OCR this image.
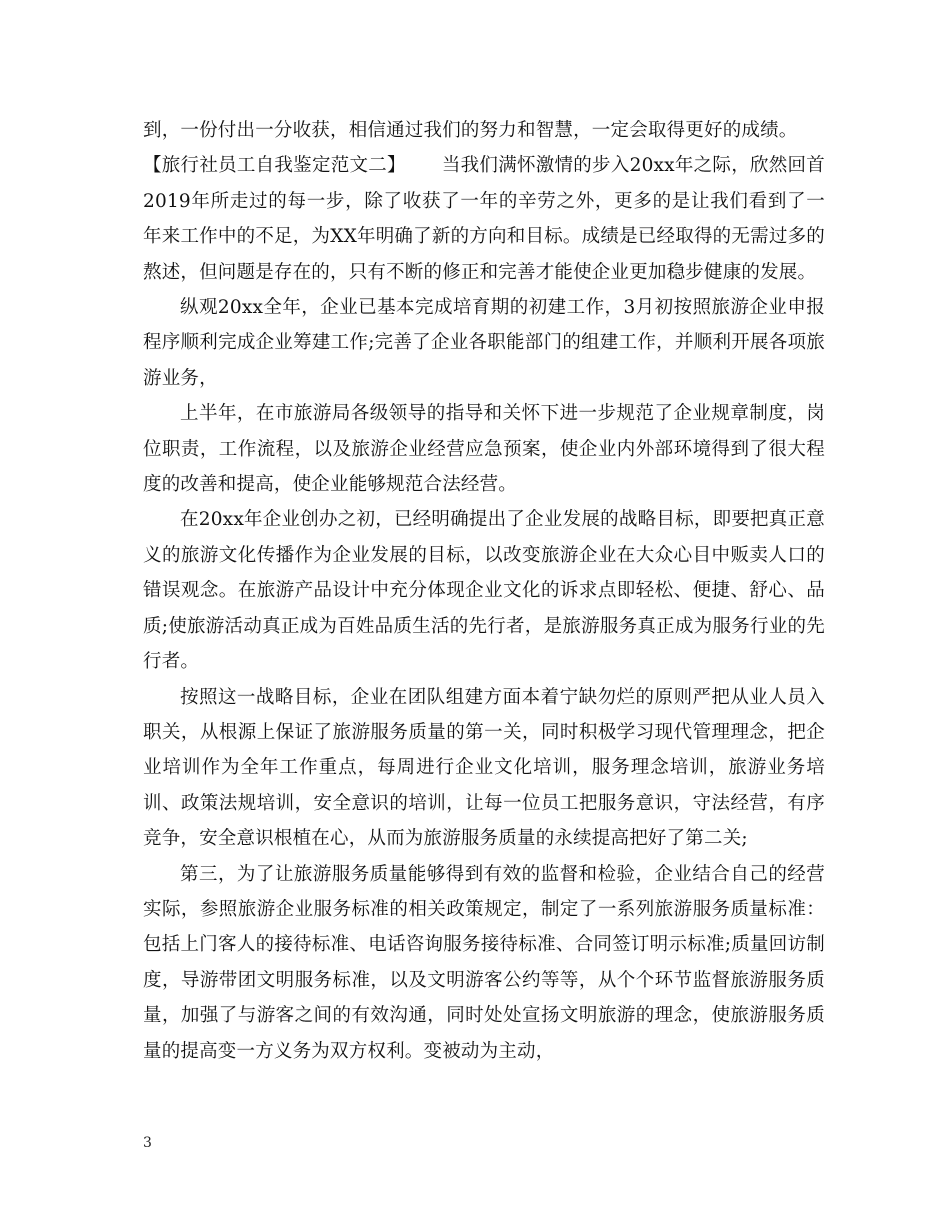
到，一份付出一分收获，相信通过我们的努力和智慧，一定会取得更好的成绩。

【旅行社员工自我鉴定范文二】 当我们满怀激情的步入20xx年之际，欣然回首2019年所走过的每一步，除了收获了一年的辛劳之外，更多的是让我们看到了一年来工作中的不足，为XX年明确了新的方向和目标。成绩是已经取得的无需过多的熬述，但问题是存在的，只有不断的修正和完善才能使企业更加稳步健康的发展。

纵观20xx全年，企业已基本完成培育期的初建工作，3月初按照旅游企业申报程序顺利完成企业筹建工作;完善了企业各职能部门的组建工作，并顺利开展各项旅游业务，

上半年，在市旅游局各级领导的指导和关怀下进一步规范了企业规章制度，岗位职责，工作流程，以及旅游企业经营应急预案，使企业内外部环境得到了很大程度的改善和提高，使企业能够规范合法经营。

在20xx年企业创办之初，已经明确提出了企业发展的战略目标，即要把真正意义的旅游文化传播作为企业发展的目标，以改变旅游企业在大众心目中贩卖人口的错误观念。在旅游产品设计中充分体现企业文化的诉求点即轻松、便捷、舒心、品质;使旅游活动真正成为百姓品质生活的先行者，是旅游服务真正成为服务行业的先行者。

按照这一战略目标，企业在团队组建方面本着宁缺勿烂的原则严把从业人员入职关，从根源上保证了旅游服务质量的第一关，同时积极学习现代管理理念，把企业培训作为全年工作重点，每周进行企业文化培训，服务理念培训，旅游业务培训、政策法规培训，安全意识的培训，让每一位员工把服务意识，守法经营，有序竞争，安全意识根植在心，从而为旅游服务质量的永续提高把好了第二关;

第三，为了让旅游服务质量能够得到有效的监督和检验，企业结合自己的经营实际，参照旅游企业服务标准的相关政策规定，制定了一系列旅游服务质量标准：包括上门客人的接待标准、电话咨询服务接待标准、合同签订明示标准;质量回访制度，导游带团文明服务标准，以及文明游客公约等等，从个个环节监督旅游服务质量，加强了与游客之间的有效沟通，同时处处宣扬文明旅游的理念，使旅游服务质量的提高变一方义务为双方权利。变被动为主动，

3
